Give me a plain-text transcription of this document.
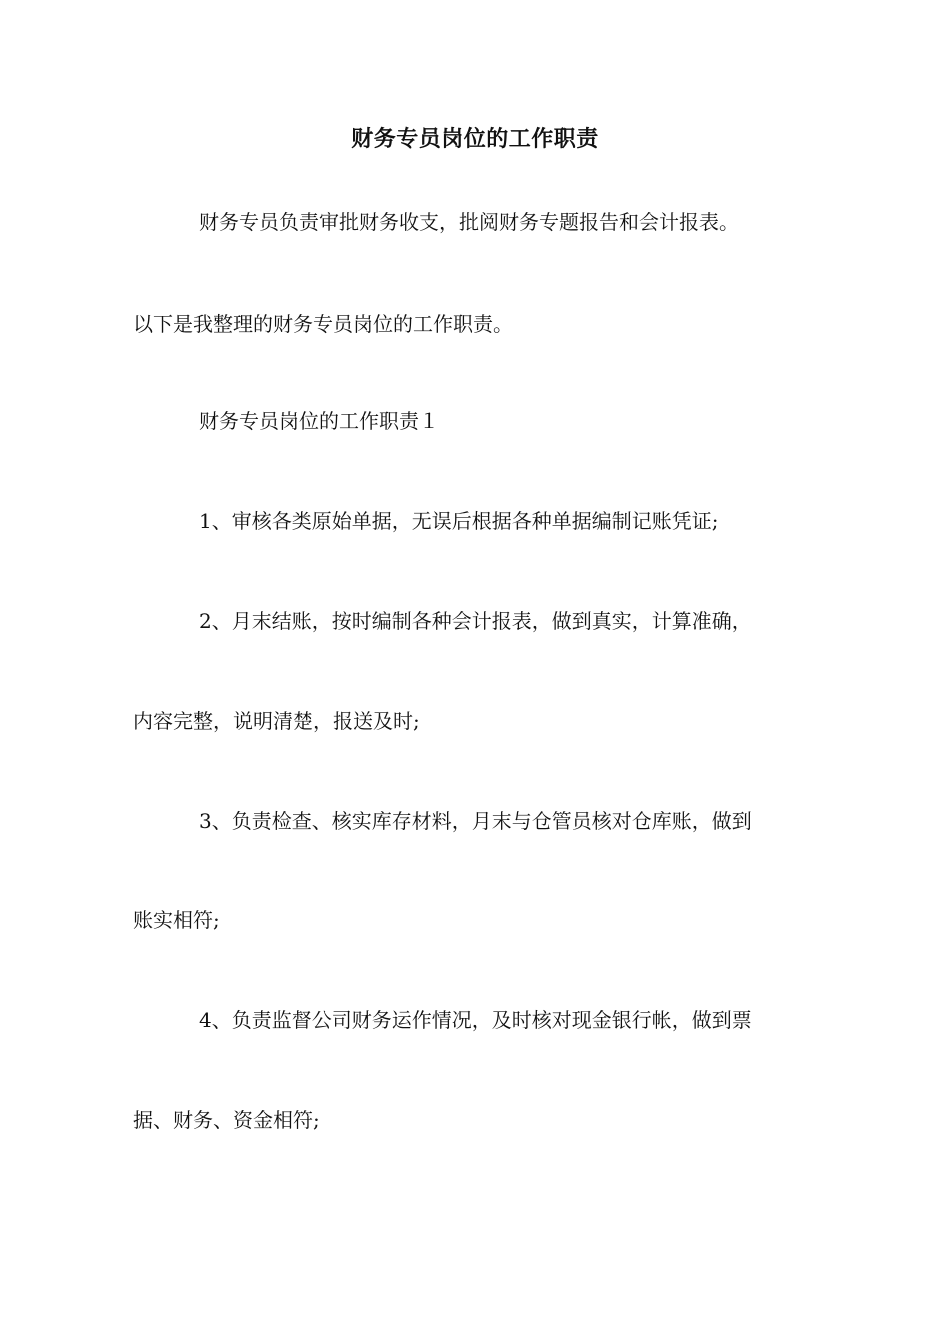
财务专员岗位的工作职责

财务专员负责审批财务收支，批阅财务专题报告和会计报表。

以下是我整理的财务专员岗位的工作职责。

财务专员岗位的工作职责１

1、审核各类原始单据，无误后根据各种单据编制记账凭证;

2、月末结账，按时编制各种会计报表，做到真实，计算准确，

内容完整，说明清楚，报送及时;

3、负责检查、核实库存材料，月末与仓管员核对仓库账，做到

账实相符;

4、负责监督公司财务运作情况，及时核对现金银行帐，做到票

据、财务、资金相符;
